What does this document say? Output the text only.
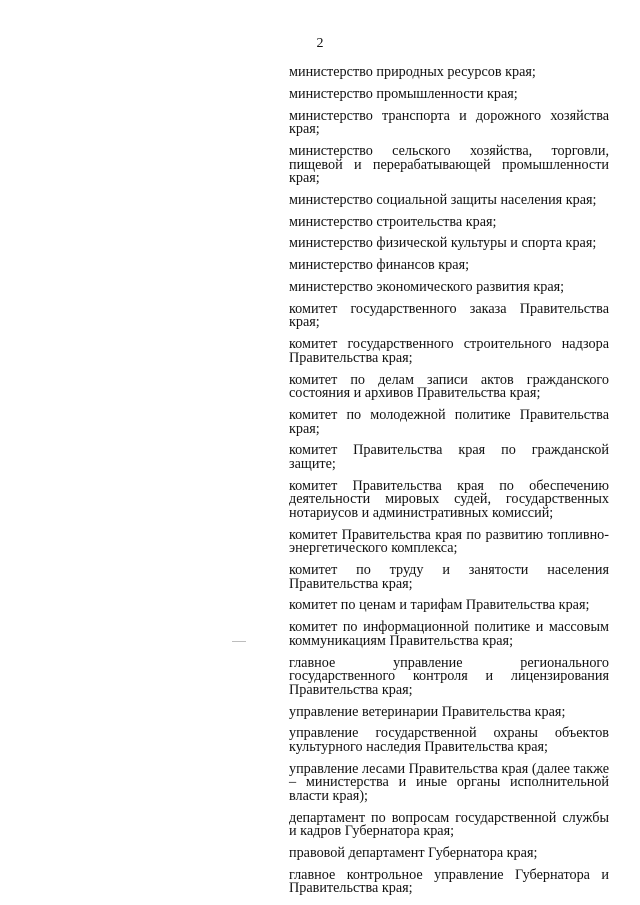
2
министерство природных ресурсов края;
министерство промышленности края;
министерство транспорта и дорожного хозяйства края;
министерство сельского хозяйства, торговли, пищевой и перерабатывающей промышленности края;
министерство социальной защиты населения края;
министерство строительства края;
министерство физической культуры и спорта края;
министерство финансов края;
министерство экономического развития края;
комитет государственного заказа Правительства края;
комитет государственного строительного надзора Правительства края;
комитет по делам записи актов гражданского состояния и архивов Правительства края;
комитет по молодежной политике Правительства края;
комитет Правительства края по гражданской защите;
комитет Правительства края по обеспечению деятельности мировых судей, государственных нотариусов и административных комиссий;
комитет Правительства края по развитию топливно-энергетического комплекса;
комитет по труду и занятости населения Правительства края;
комитет по ценам и тарифам Правительства края;
комитет по информационной политике и массовым коммуникациям Правительства края;
главное управление регионального государственного контроля и лицензирования Правительства края;
управление ветеринарии Правительства края;
управление государственной охраны объектов культурного наследия Правительства края;
управление лесами Правительства края (далее также – министерства и иные органы исполнительной власти края);
департамент по вопросам государственной службы и кадров Губернатора края;
правовой департамент Губернатора края;
главное контрольное управление Губернатора и Правительства края;
